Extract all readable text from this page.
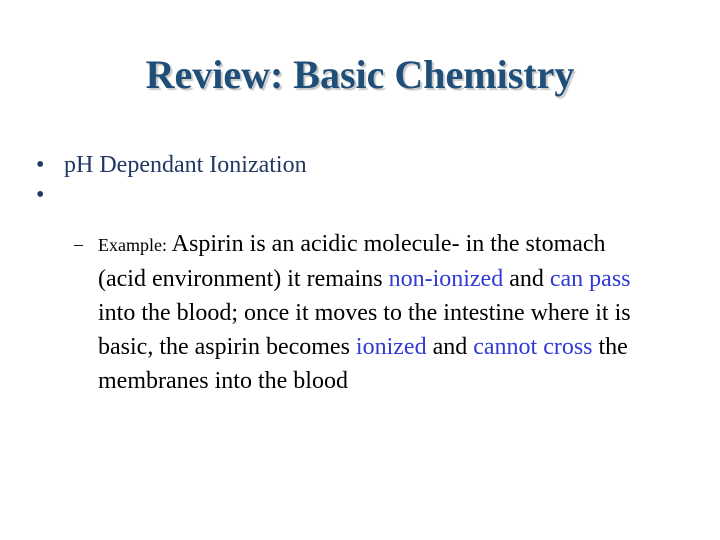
Review: Basic Chemistry
• pH Dependant Ionization
•
– Example: Aspirin is an acidic molecule- in the stomach (acid environment) it remains non-ionized and can pass into the blood; once it moves to the intestine where it is basic, the aspirin becomes ionized and cannot cross the membranes into the blood
